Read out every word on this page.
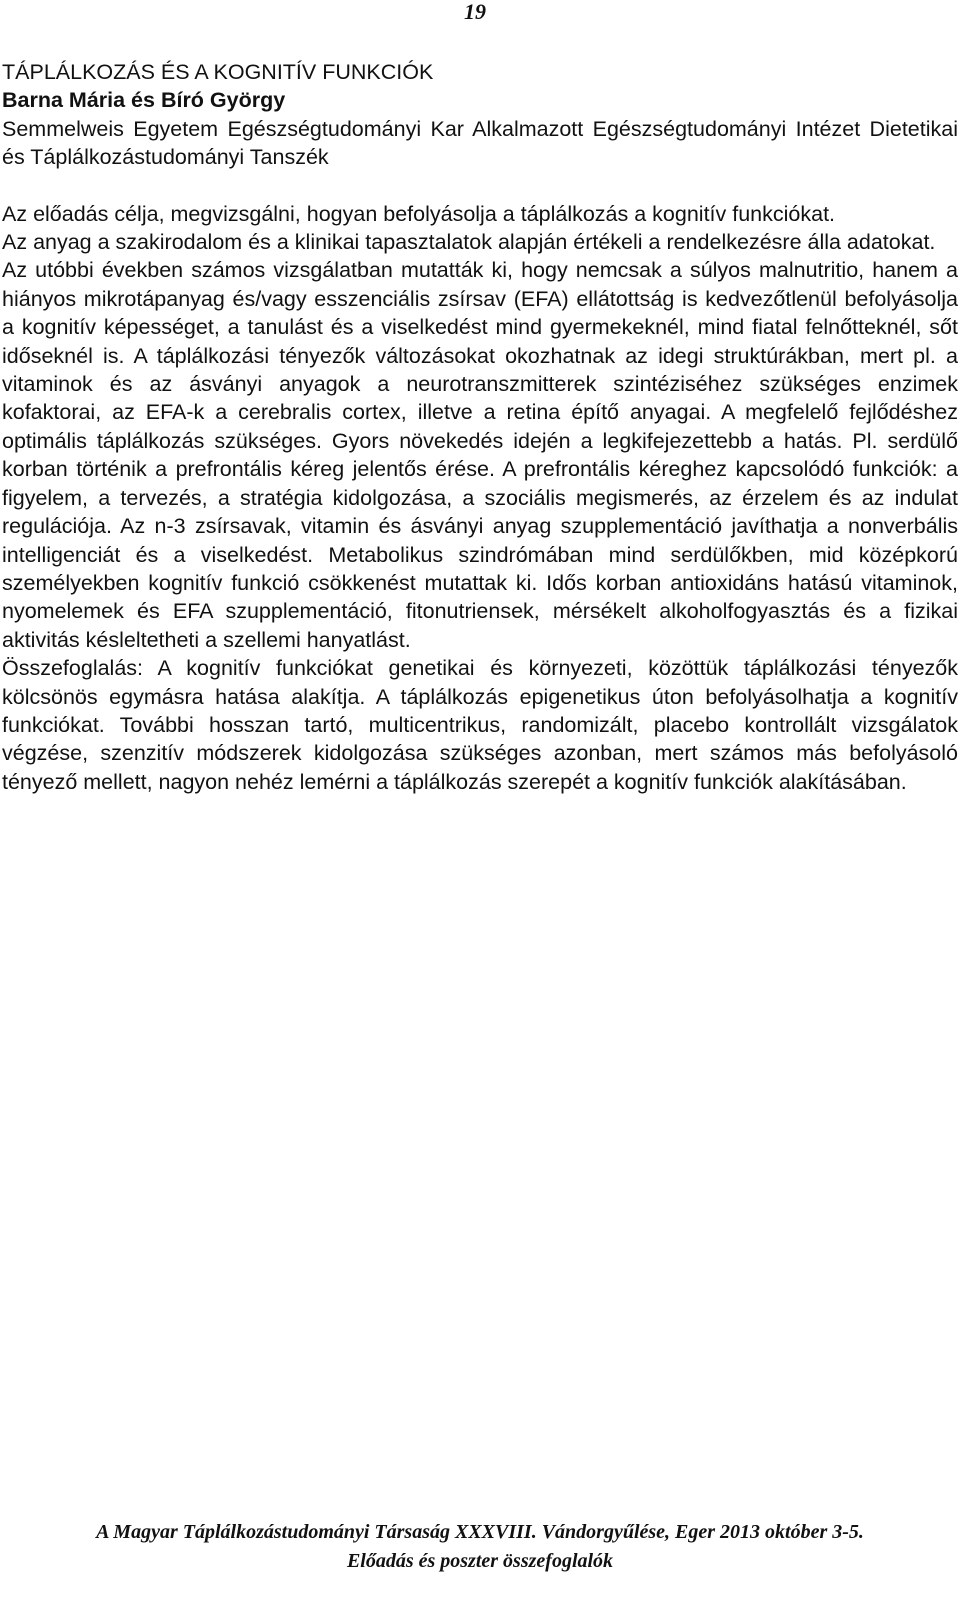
19

TÁPLÁLKOZÁS ÉS A KOGNITÍV FUNKCIÓK

Barna Mária és Bíró György

Semmelweis Egyetem Egészségtudományi Kar Alkalmazott Egészségtudományi Intézet Dietetikai és Táplálkozástudományi Tanszék

Az előadás célja, megvizsgálni, hogyan befolyásolja a táplálkozás a kognitív funkciókat.

Az anyag a szakirodalom és a klinikai tapasztalatok alapján értékeli a rendelkezésre álla adatokat.

Az utóbbi években számos vizsgálatban mutatták ki, hogy nemcsak a súlyos malnutritio, hanem a hiányos mikrotápanyag és/vagy esszenciális zsírsav (EFA) ellátottság is kedvezőtlenül befolyásolja a kognitív képességet, a tanulást és a viselkedést mind gyermekeknél, mind fiatal felnőtteknél, sőt időseknél is. A táplálkozási tényezők változásokat okozhatnak az idegi struktúrákban, mert pl. a vitaminok és az ásványi anyagok a neurotranszmitterek szintéziséhez szükséges enzimek kofaktorai, az EFA-k a cerebralis cortex, illetve a retina építő anyagai. A megfelelő fejlődéshez optimális táplálkozás szükséges. Gyors növekedés idején a legkifejezettebb a hatás. Pl. serdülő korban történik a prefrontális kéreg jelentős érése. A prefrontális kéreghez kapcsolódó funkciók: a figyelem, a tervezés, a stratégia kidolgozása, a szociális megismerés, az érzelem és az indulat regulációja. Az n-3 zsírsavak, vitamin és ásványi anyag szupplementáció javíthatja a nonverbális intelligenciát és a viselkedést. Metabolikus szindrómában mind serdülőkben, mid középkorú személyekben kognitív funkció csökkenést mutattak ki. Idős korban antioxidáns hatású vitaminok, nyomelemek és EFA szupplementáció, fitonutriensek, mérsékelt alkoholfogyasztás és a fizikai aktivitás késleltetheti a szellemi hanyatlást.

Összefoglalás: A kognitív funkciókat genetikai és környezeti, közöttük táplálkozási tényezők kölcsönös egymásra hatása alakítja. A táplálkozás epigenetikus úton befolyásolhatja a kognitív funkciókat. További hosszan tartó, multicentrikus, randomizált, placebo kontrollált vizsgálatok végzése, szenzitív módszerek kidolgozása szükséges azonban, mert számos más befolyásoló tényező mellett, nagyon nehéz lemérni a táplálkozás szerepét a kognitív funkciók alakításában.

A Magyar Táplálkozástudományi Társaság XXXVIII. Vándorgyűlése, Eger 2013 október 3-5.
Előadás és poszter összefoglalók
